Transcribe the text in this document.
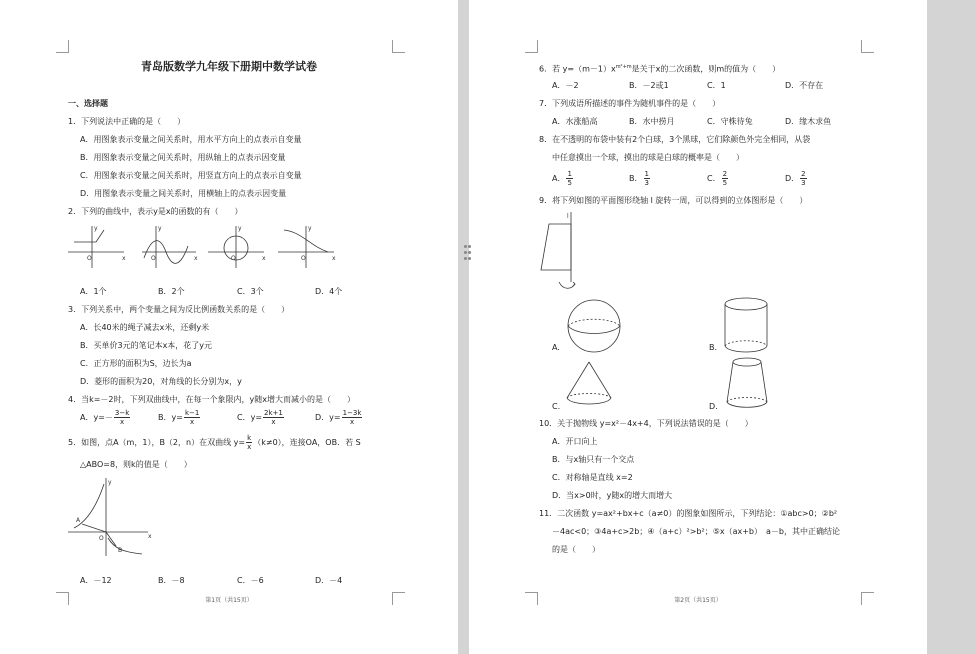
青岛版数学九年级下册期中数学试卷
一、选择题
1．下列说法中正确的是（　　）
A．用图象表示变量之间关系时，用水平方向上的点表示自变量
B．用图象表示变量之间关系时，用纵轴上的点表示因变量
C．用图象表示变量之间关系时，用竖直方向上的点表示自变量
D．用图象表示变量之间关系时，用横轴上的点表示因变量
2．下列的曲线中，表示y是x的函数的有（　　）
O	x
y
O	x
y
O	x
y
O	x
y
A．1个	B．2个	C．3个	D．4个
3．下列关系中，两个变量之间为反比例函数关系的是（　　）
A．长40米的绳子减去x米，还剩y米
B．买单价3元的笔记本x本，花了y元
C．正方形的面积为S，边长为a
D．菱形的面积为20，对角线的长分别为x，y
4．当k=－2时，下列双曲线中，在每一个象限内，y随x增大而减小的是（　　）
A．$y=- \frac{3-k}{x}$	B．$y= \frac{k-1}{x}$	C．$y= \frac{2k+1}{x}$	D．$y= \frac{1-3k}{x}$
5．如图，点A（m，1），B（2，n）在双曲线 $y= \frac{k}{x} (k\ne 0)$，连接OA，OB．若 S
△ABO=8，则k的值是（　　）
A
B
O	x
y
A．－12	B．－8	C．－6	D．－4
第1页（共15页）
6．若 $y=(m-1)x^{m^2+m}$是关于x的二次函数，则m的值为（　　）
A．－2	B．－2或1	C．1	D．不存在
7．下列成语所描述的事件为随机事件的是（　　）
A．水涨船高	B．水中捞月	C．守株待兔	D．缘木求鱼
8．在不透明的布袋中装有2个白球，3个黑球，它们除颜色外完全相同，从袋
中任意摸出一个球，摸出的球是白球的概率是（　　）
A． $\frac{1}{5}$	B． $\frac{1}{3}$	C． $\frac{2}{5}$	D． $\frac{2}{3}$
9．将下列如图的平面图形绕轴 l 旋转一周，可以得到的立体图形是（　　）
l
A.	B.
C.	D.
10．关于抛物线 y=x²－4x+4，下列说法错误的是（　　）
A．开口向上
B．与x轴只有一个交点
C．对称轴是直线 x=2
D．当x>0时，y随x的增大而增大
11．二次函数 y=ax²+bx+c（a≠0）的图象如图所示，下列结论：①abc>0；②b²
－4ac<0；③4a+c>2b；④（a+c）²>b²；⑤x（ax+b）　a－b，其中正确结论
的是（　　）
第2页（共15页）
